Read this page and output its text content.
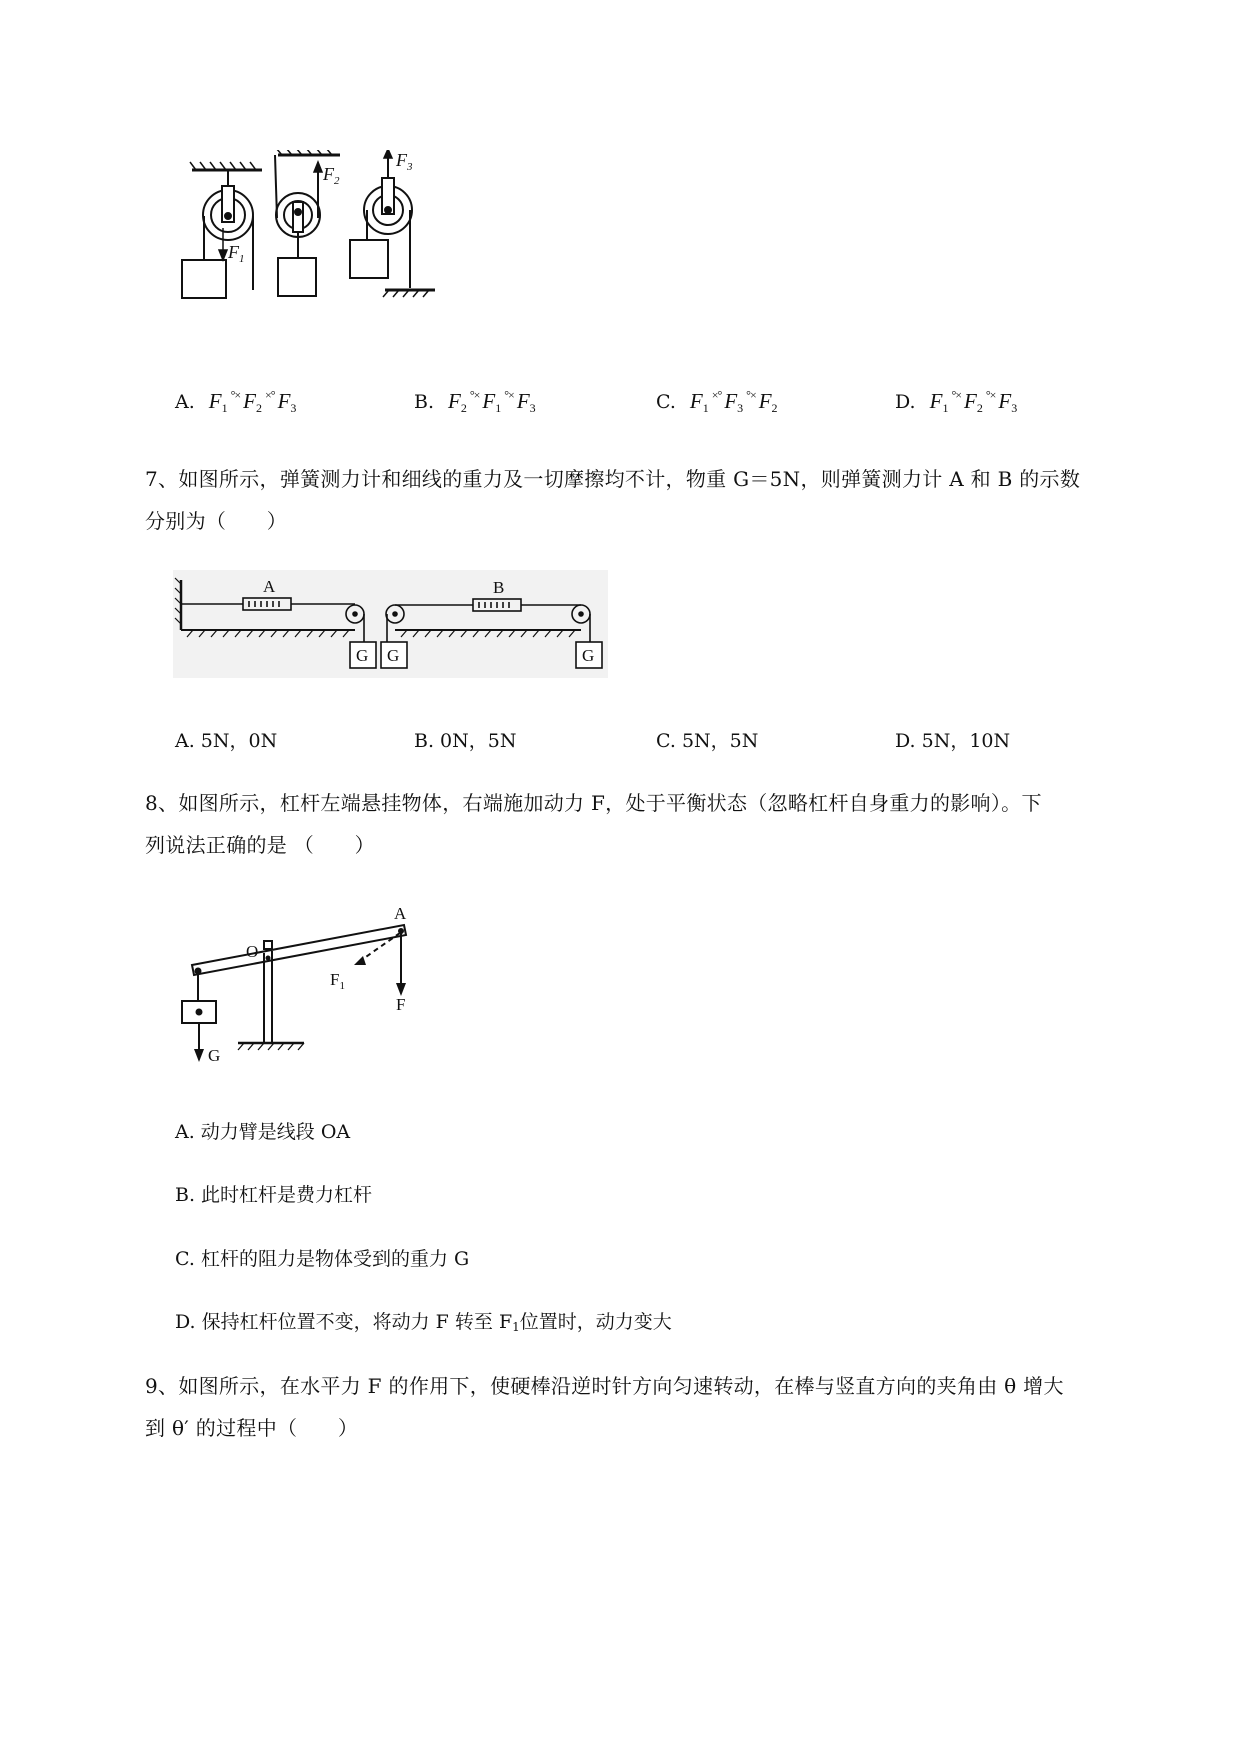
$F_1$
$F_2$
$F_3$
A. $F_1^{^\circ\times}$ $F_2^{\times^\circ}$ $F_3$	B. $F_2^{^\circ\times}$ $F_1^{^\circ\times}$ $F_3$	C. $F_1^{\times^\circ}$ $F_3^{^\circ\times}$ $F_2$	D. $F_1^{^\circ\times}$ $F_2^{^\circ\times}$ $F_3$
7、如图所示，弹簧测力计和细线的重力及一切摩擦均不计，物重 G＝5N，则弹簧测力计 A 和 B 的示数
分别为（　　）
A	B
G G	G
A. 5N，0N	B. 0N，5N	C. 5N，5N	D. 5N，10N
8、如图所示，杠杆左端悬挂物体，右端施加动力 F，处于平衡状态（忽略杠杆自身重力的影响）。下
列说法正确的是 （　　）
A
O
F
$F_1$
G
A. 动力臂是线段 OA
B. 此时杠杆是费力杠杆
C. 杠杆的阻力是物体受到的重力 G
D. 保持杠杆位置不变，将动力 F 转至 $F_1$位置时，动力变大
9、如图所示，在水平力 F 的作用下，使硬棒沿逆时针方向匀速转动，在棒与竖直方向的夹角由 θ 增大
到 θ′ 的过程中（　　）
